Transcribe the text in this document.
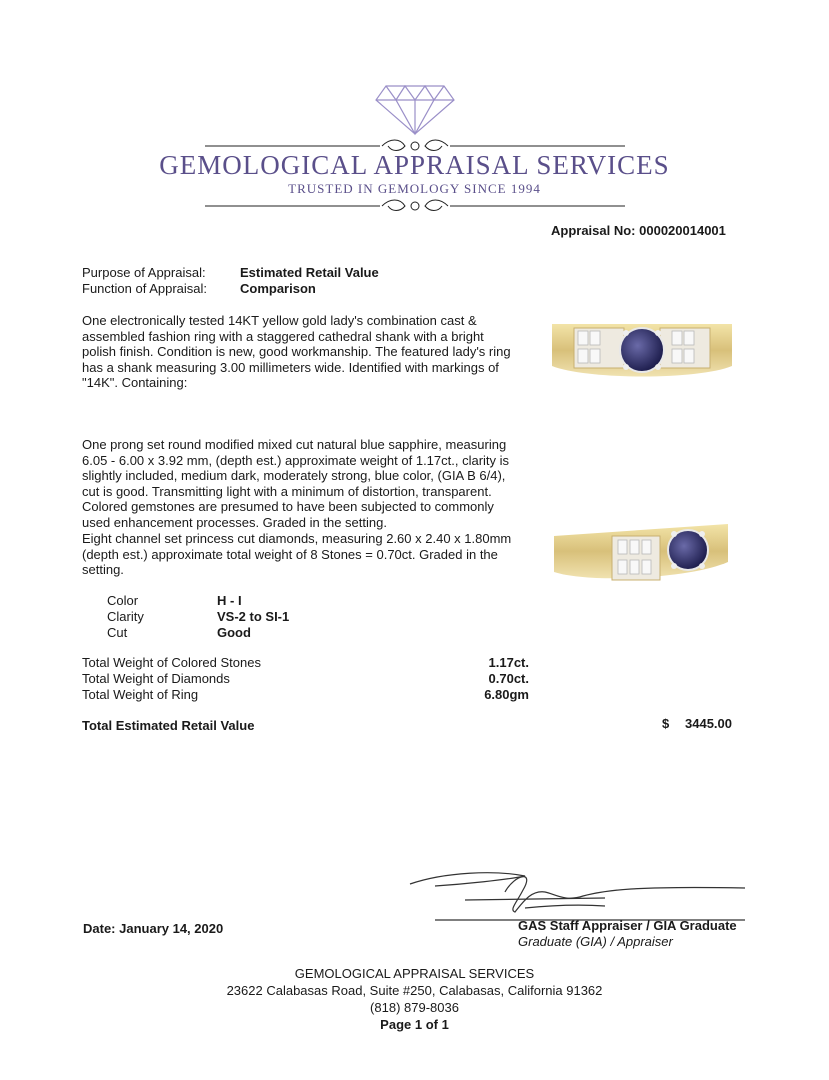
GEMOLOGICAL APPRAISAL SERVICES
TRUSTED IN GEMOLOGY SINCE 1994
Appraisal No: 000020014001
Purpose of Appraisal:	Estimated Retail Value
Function of Appraisal:	Comparison
One electronically tested 14KT yellow gold lady's combination cast & assembled fashion ring with a staggered cathedral shank with a bright polish finish. Condition is new, good workmanship. The featured lady's ring has a shank measuring 3.00 millimeters wide. Identified with markings of "14K". Containing:
One prong set round modified mixed cut natural blue sapphire, measuring 6.05 - 6.00 x 3.92 mm, (depth est.) approximate weight of 1.17ct., clarity is slightly included, medium dark, moderately strong, blue color, (GIA B 6/4), cut is good. Transmitting light with a minimum of distortion, transparent. Colored gemstones are presumed to have been subjected to commonly used enhancement processes. Graded in the setting.
Eight channel set princess cut diamonds, measuring 2.60 x 2.40 x 1.80mm (depth est.) approximate total weight of 8 Stones = 0.70ct. Graded in the setting.
Color	H - I
Clarity	VS-2 to SI-1
Cut	Good
Total Weight of Colored Stones	1.17ct.
Total Weight of Diamonds	0.70ct.
Total Weight of Ring	6.80gm
Total Estimated Retail Value	$ 3445.00
GAS Staff Appraiser / GIA Graduate
Graduate (GIA) / Appraiser
Date: January 14, 2020
GEMOLOGICAL APPRAISAL SERVICES
23622 Calabasas Road, Suite #250, Calabasas, California 91362
(818) 879-8036
Page 1 of 1
